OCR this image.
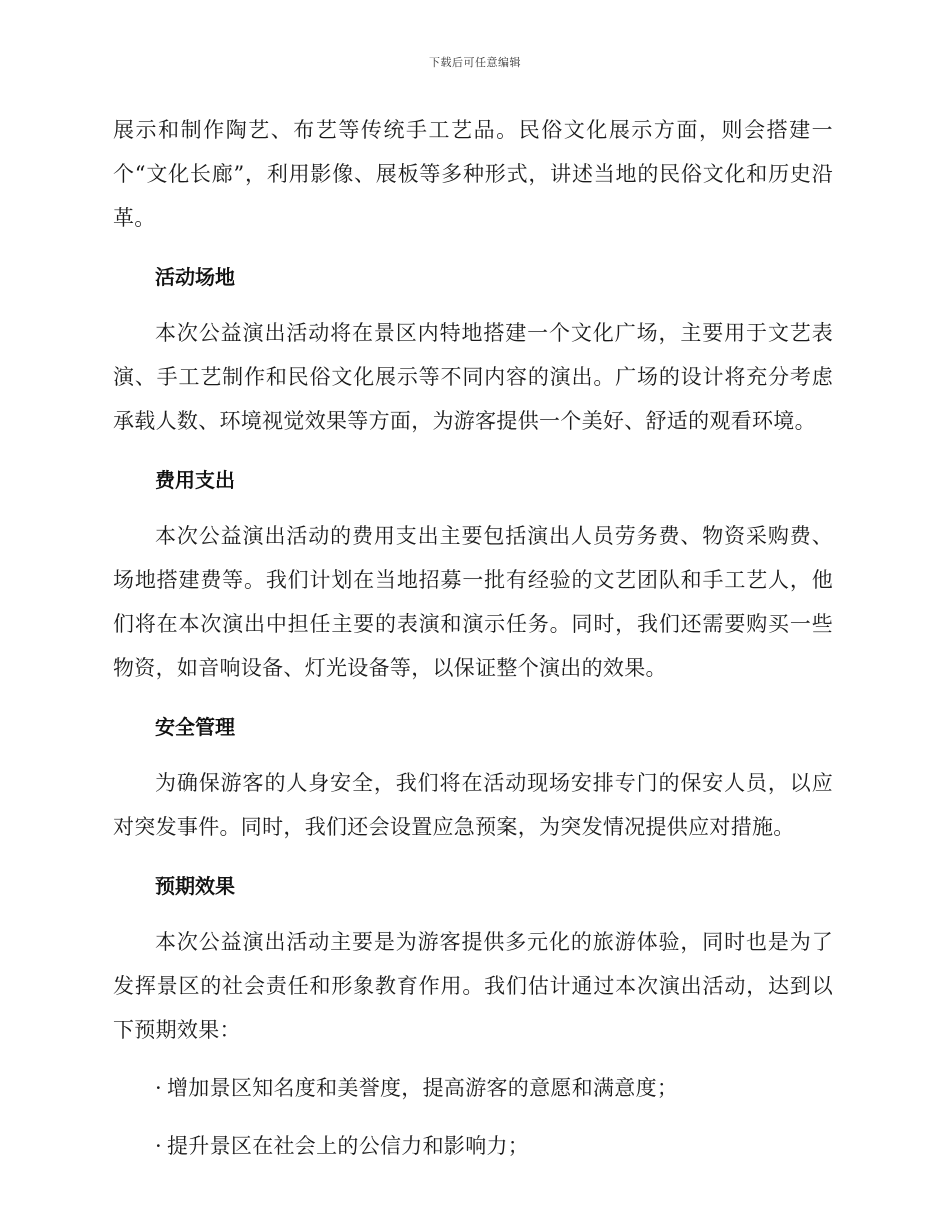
下载后可任意编辑

展示和制作陶艺、布艺等传统手工艺品。民俗文化展示方面，则会搭建一个“文化长廊”，利用影像、展板等多种形式，讲述当地的民俗文化和历史沿革。

活动场地

本次公益演出活动将在景区内特地搭建一个文化广场，主要用于文艺表演、手工艺制作和民俗文化展示等不同内容的演出。广场的设计将充分考虑承载人数、环境视觉效果等方面，为游客提供一个美好、舒适的观看环境。

费用支出

本次公益演出活动的费用支出主要包括演出人员劳务费、物资采购费、场地搭建费等。我们计划在当地招募一批有经验的文艺团队和手工艺人，他们将在本次演出中担任主要的表演和演示任务。同时，我们还需要购买一些物资，如音响设备、灯光设备等，以保证整个演出的效果。

安全管理

为确保游客的人身安全，我们将在活动现场安排专门的保安人员，以应对突发事件。同时，我们还会设置应急预案，为突发情况提供应对措施。

预期效果

本次公益演出活动主要是为游客提供多元化的旅游体验，同时也是为了发挥景区的社会责任和形象教育作用。我们估计通过本次演出活动，达到以下预期效果：

· 增加景区知名度和美誉度，提高游客的意愿和满意度；
· 提升景区在社会上的公信力和影响力；
